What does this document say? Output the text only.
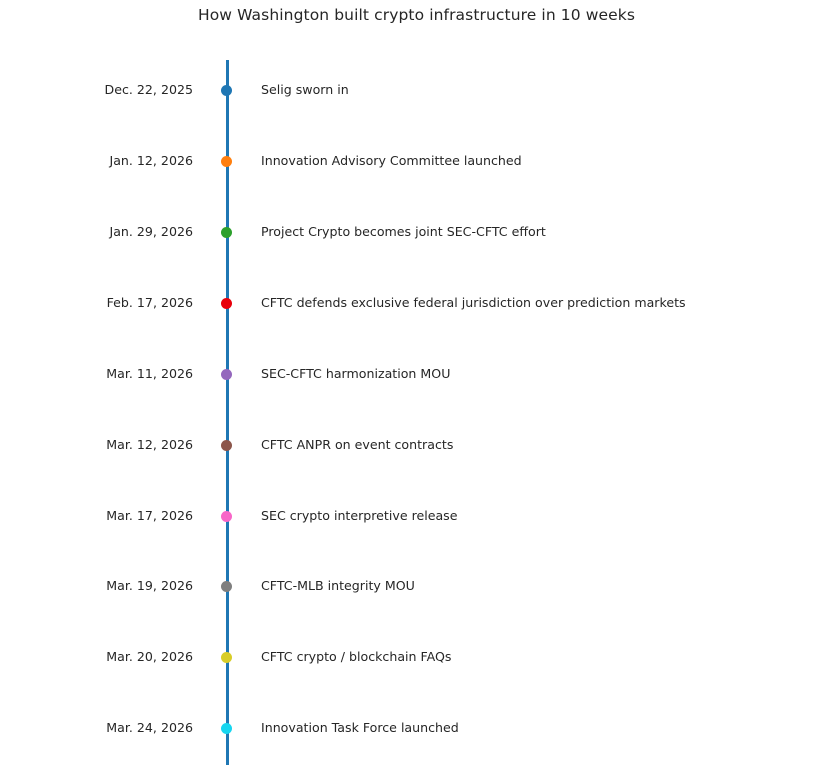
How Washington built crypto infrastructure in 10 weeks
Dec. 22, 2025	Selig sworn in
Jan. 12, 2026	Innovation Advisory Committee launched
Jan. 29, 2026	Project Crypto becomes joint SEC-CFTC effort
Feb. 17, 2026	CFTC defends exclusive federal jurisdiction over prediction markets
Mar. 11, 2026	SEC-CFTC harmonization MOU
Mar. 12, 2026	CFTC ANPR on event contracts
Mar. 17, 2026	SEC crypto interpretive release
Mar. 19, 2026	CFTC-MLB integrity MOU
Mar. 20, 2026	CFTC crypto / blockchain FAQs
Mar. 24, 2026	Innovation Task Force launched
